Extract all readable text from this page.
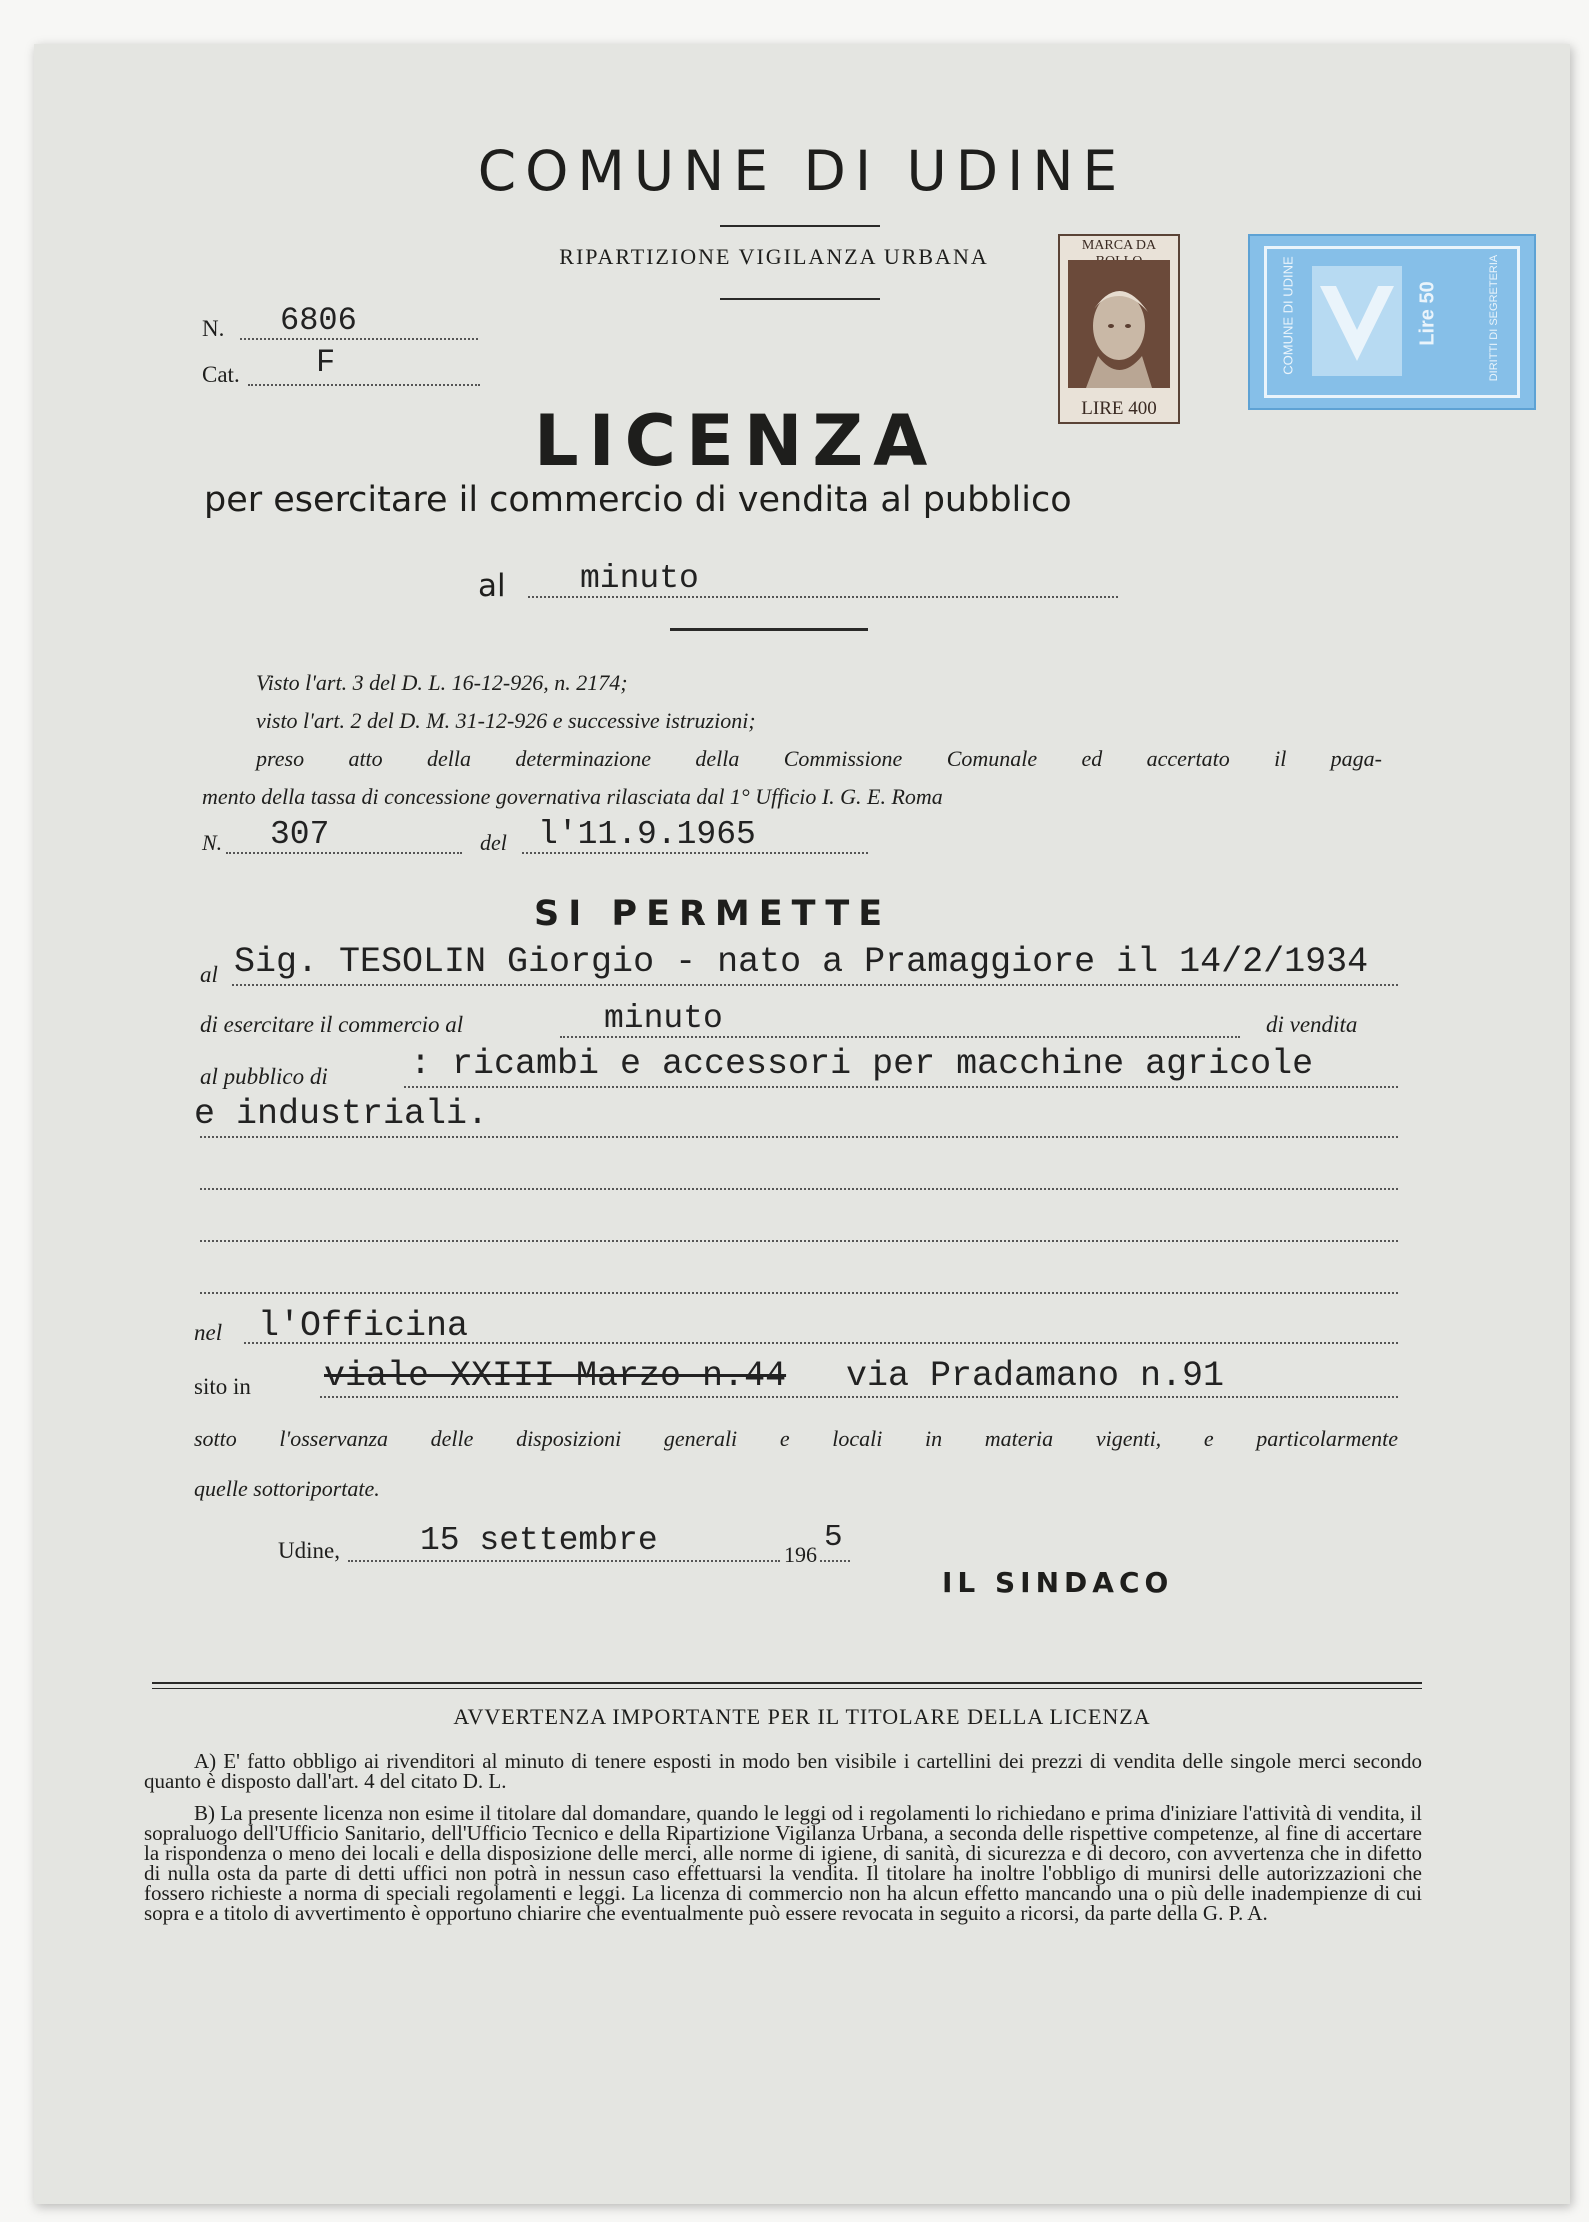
COMUNE DI UDINE
RIPARTIZIONE VIGILANZA URBANA	MARCA DA
LIRE 400
COMUNE DI UDINE	Lire 50	DIRITTI DI SEGRETERIA
N. 6806
Cat. F
LICENZA
per esercitare il commercio di vendita al pubblico
al minuto
Visto l'art. 3 del D. L. 16-12-926, n. 2174;
visto l'art. 2 del D. M. 31-12-926 e successive istruzioni;
preso atto della determinazione della Commissione Comunale ed accertato il paga-
mento della tassa di concessione governativa rilasciata dal 1° Ufficio I. G. E. Roma
N. 307	del l'11.9.1965
SI PERMETTE
al Sig. TESOLIN Giorgio - nato a Pramaggiore il 14/2/1934
di esercitare il commercio al	minuto	di vendita
al pubblico di : ricambi e accessori per macchine agricole
e industriali.
nel l'Officina
sito in viale XXIII Marzo n.44 via Pradamano n.91
sotto l'osservanza delle disposizioni generali e locali in materia vigenti, e particolarmente
quelle sottoriportate.
Udine, 15 settembre	196 5
IL SINDACO
AVVERTENZA IMPORTANTE PER IL TITOLARE DELLA LICENZA
A) E' fatto obbligo ai rivenditori al minuto di tenere esposti in modo ben visibile i cartellini dei prezzi di vendita delle singole merci secondo quanto è disposto dall'art. 4 del citato D. L.
B) La presente licenza non esime il titolare dal domandare, quando le leggi od i regolamenti lo richiedano e prima d'iniziare l'attività di vendita, il sopraluogo dell'Ufficio Sanitario, dell'Ufficio Tecnico e della Ripartizione Vigilanza Urbana, a seconda delle rispettive competenze, al fine di accertare la rispondenza o meno dei locali e della disposizione delle merci, alle norme di igiene, di sanità, di sicurezza e di decoro, con avvertenza che in difetto di nulla osta da parte di detti uffici non potrà in nessun caso effettuarsi la vendita. Il titolare ha inoltre l'obbligo di munirsi delle autorizzazioni che fossero richieste a norma di speciali regolamenti e leggi. La licenza di commercio non ha alcun effetto mancando una o più delle inadempienze di cui sopra e a titolo di avvertimento è opportuno chiarire che eventualmente può essere revocata in seguito a ricorsi, da parte della G. P. A.
